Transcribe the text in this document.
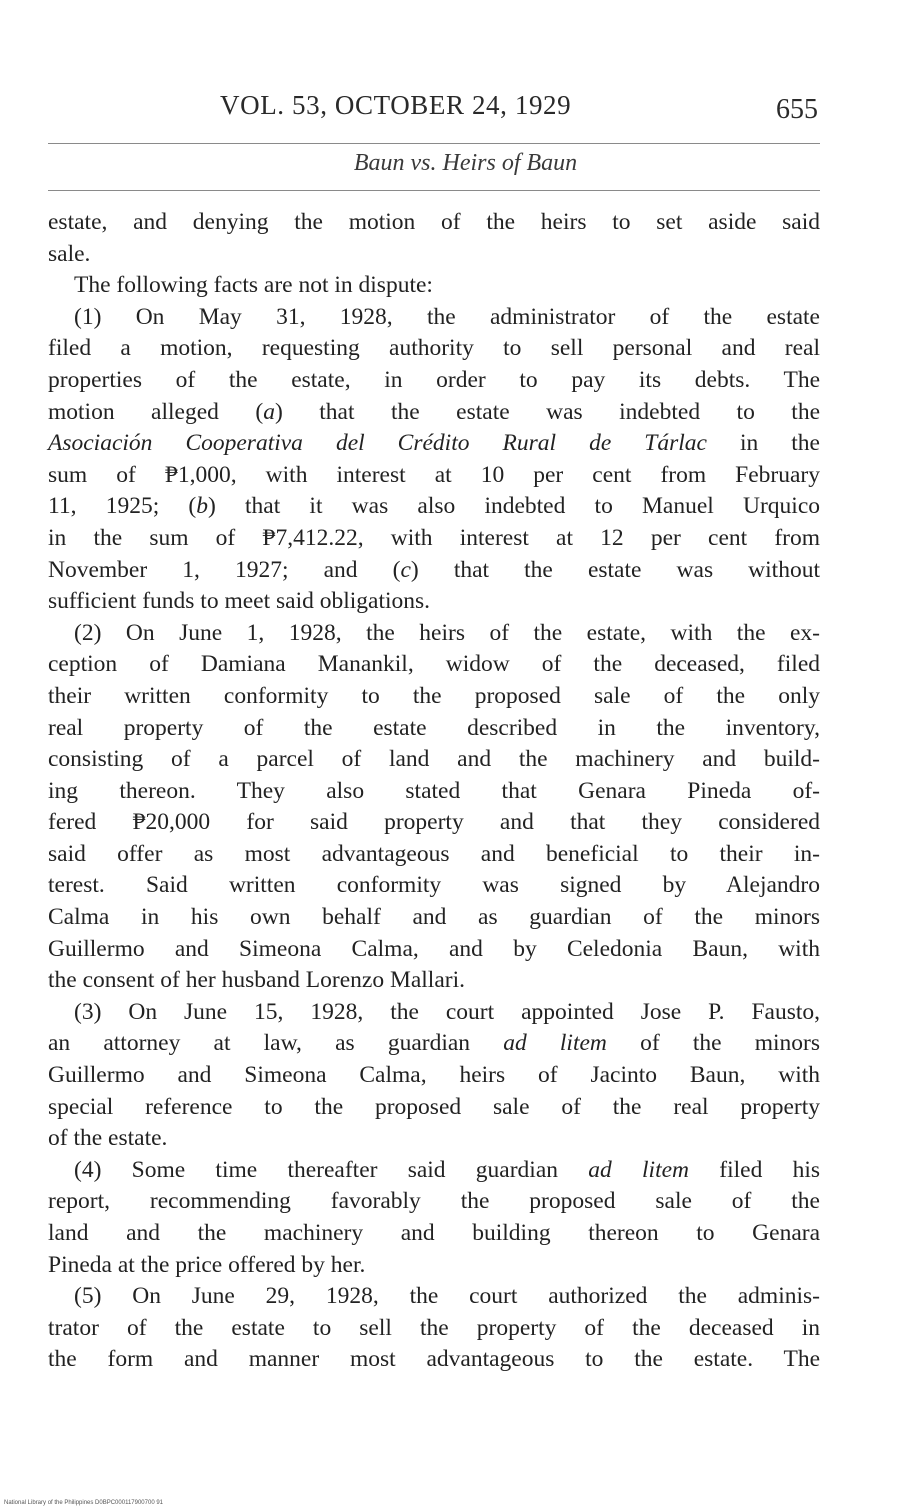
VOL. 53, OCTOBER 24, 1929	655
Baun vs. Heirs of Baun
estate, and denying the motion of the heirs to set aside said
sale.
The following facts are not in dispute:
(1) On May 31, 1928, the administrator of the estate
filed a motion, requesting authority to sell personal and real
properties of the estate, in order to pay its debts. The
motion alleged (a) that the estate was indebted to the
Asociación Cooperativa del Crédito Rural de Tárlac in the
sum of ₱1,000, with interest at 10 per cent from February
11, 1925; (b) that it was also indebted to Manuel Urquico
in the sum of ₱7,412.22, with interest at 12 per cent from
November 1, 1927; and (c) that the estate was without
sufficient funds to meet said obligations.
(2) On June 1, 1928, the heirs of the estate, with the ex-
ception of Damiana Manankil, widow of the deceased, filed
their written conformity to the proposed sale of the only
real property of the estate described in the inventory,
consisting of a parcel of land and the machinery and build-
ing thereon. They also stated that Genara Pineda of-
fered ₱20,000 for said property and that they considered
said offer as most advantageous and beneficial to their in-
terest. Said written conformity was signed by Alejandro
Calma in his own behalf and as guardian of the minors
Guillermo and Simeona Calma, and by Celedonia Baun, with
the consent of her husband Lorenzo Mallari.
(3) On June 15, 1928, the court appointed Jose P. Fausto,
an attorney at law, as guardian ad litem of the minors
Guillermo and Simeona Calma, heirs of Jacinto Baun, with
special reference to the proposed sale of the real property
of the estate.
(4) Some time thereafter said guardian ad litem filed his
report, recommending favorably the proposed sale of the
land and the machinery and building thereon to Genara
Pineda at the price offered by her.
(5) On June 29, 1928, the court authorized the adminis-
trator of the estate to sell the property of the deceased in
the form and manner most advantageous to the estate. The
National Library of the Philippines D0BPC000117900700 91
